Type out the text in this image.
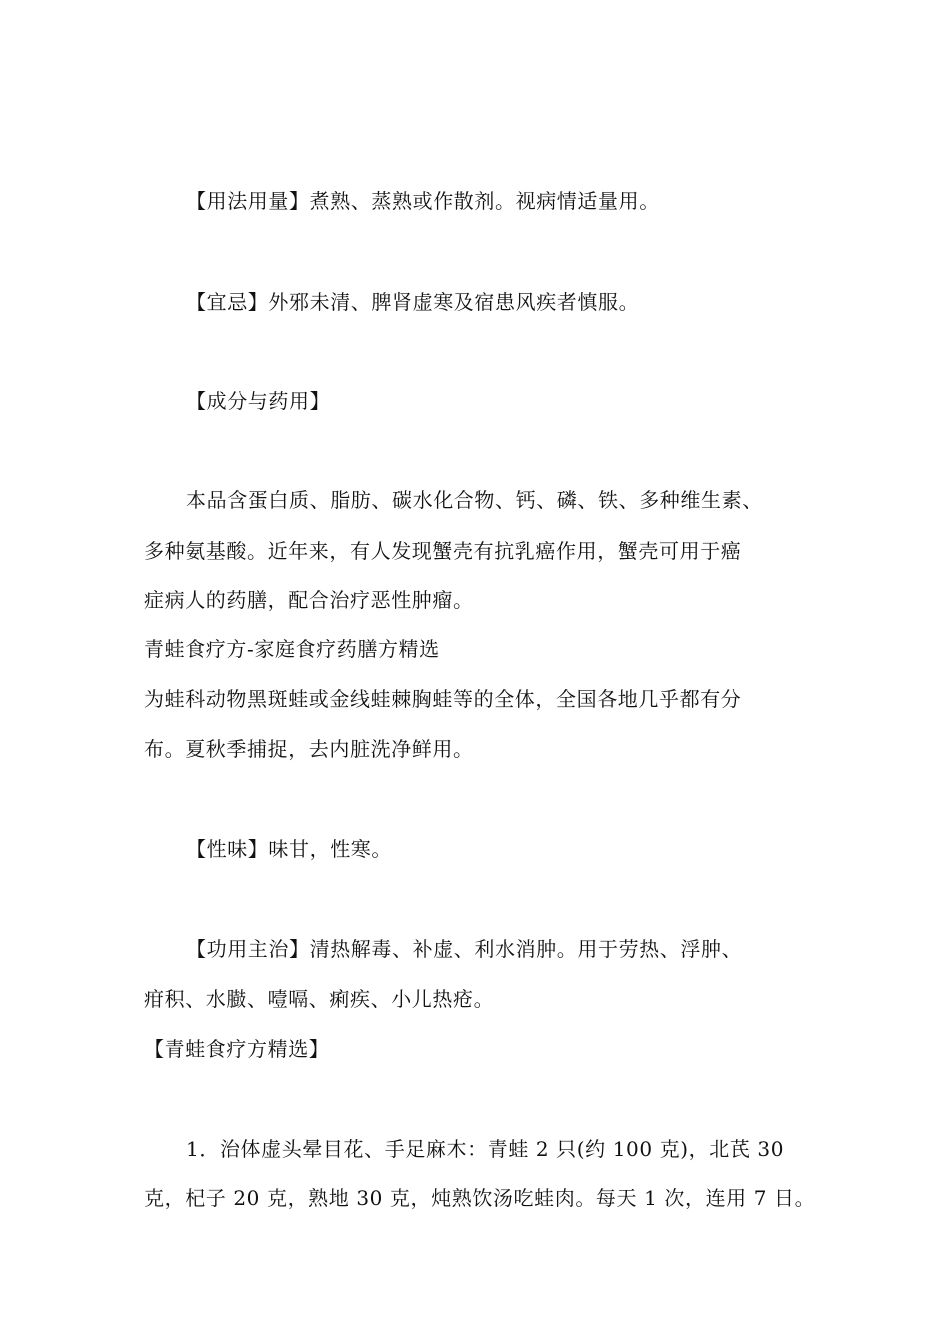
【用法用量】煮熟、蒸熟或作散剂。视病情适量用。
【宜忌】外邪未清、脾肾虚寒及宿患风疾者慎服。
【成分与药用】
本品含蛋白质、脂肪、碳水化合物、钙、磷、铁、多种维生素、
多种氨基酸。近年来，有人发现蟹壳有抗乳癌作用，蟹壳可用于癌
症病人的药膳，配合治疗恶性肿瘤。
青蛙食疗方-家庭食疗药膳方精选
为蛙科动物黑斑蛙或金线蛙棘胸蛙等的全体，全国各地几乎都有分
布。夏秋季捕捉，去内脏洗净鲜用。
【性味】味甘，性寒。
【功用主治】清热解毒、补虚、利水消肿。用于劳热、浮肿、
疳积、水臌、噎嗝、痢疾、小儿热疮。
【青蛙食疗方精选】
1．治体虚头晕目花、手足麻木：青蛙 2 只(约 100 克)，北芪 30
克，杞子 20 克，熟地 30 克，炖熟饮汤吃蛙肉。每天 1 次，连用 7 日。
